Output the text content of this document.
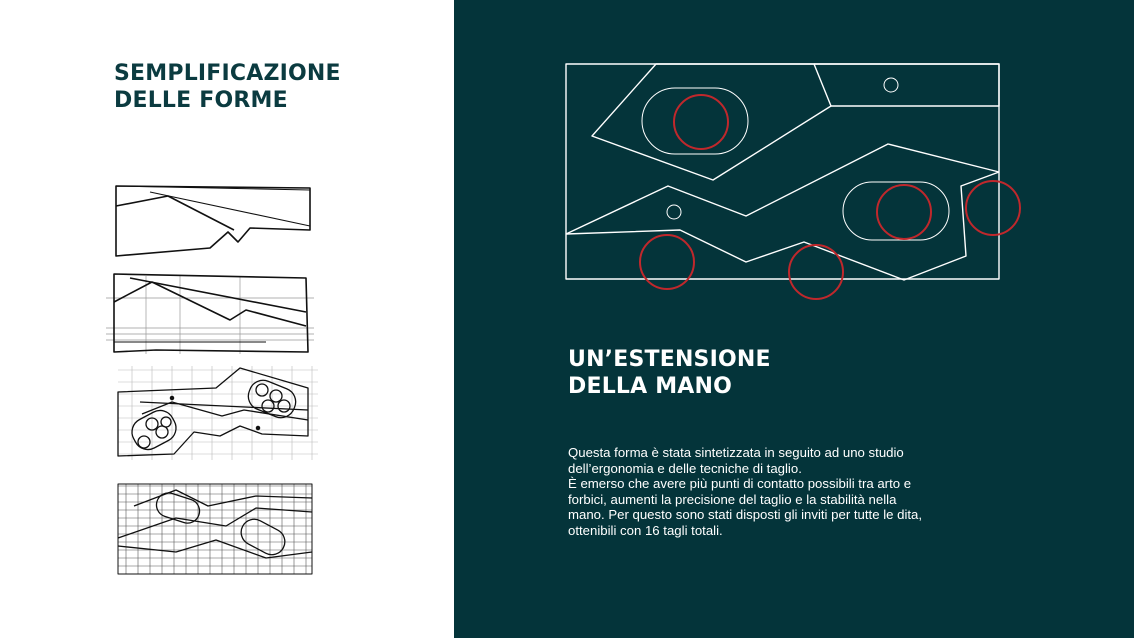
SEMPLIFICAZIONE
DELLE FORME
UN’ESTENSIONE
DELLA MANO
Questa forma è stata sintetizzata in seguito ad uno studio
dell’ergonomia e delle tecniche di taglio.
È emerso che avere più punti di contatto possibili tra arto e
forbici, aumenti la precisione del taglio e la stabilità nella
mano. Per questo sono stati disposti gli inviti per tutte le dita,
ottenibili con 16 tagli totali.
